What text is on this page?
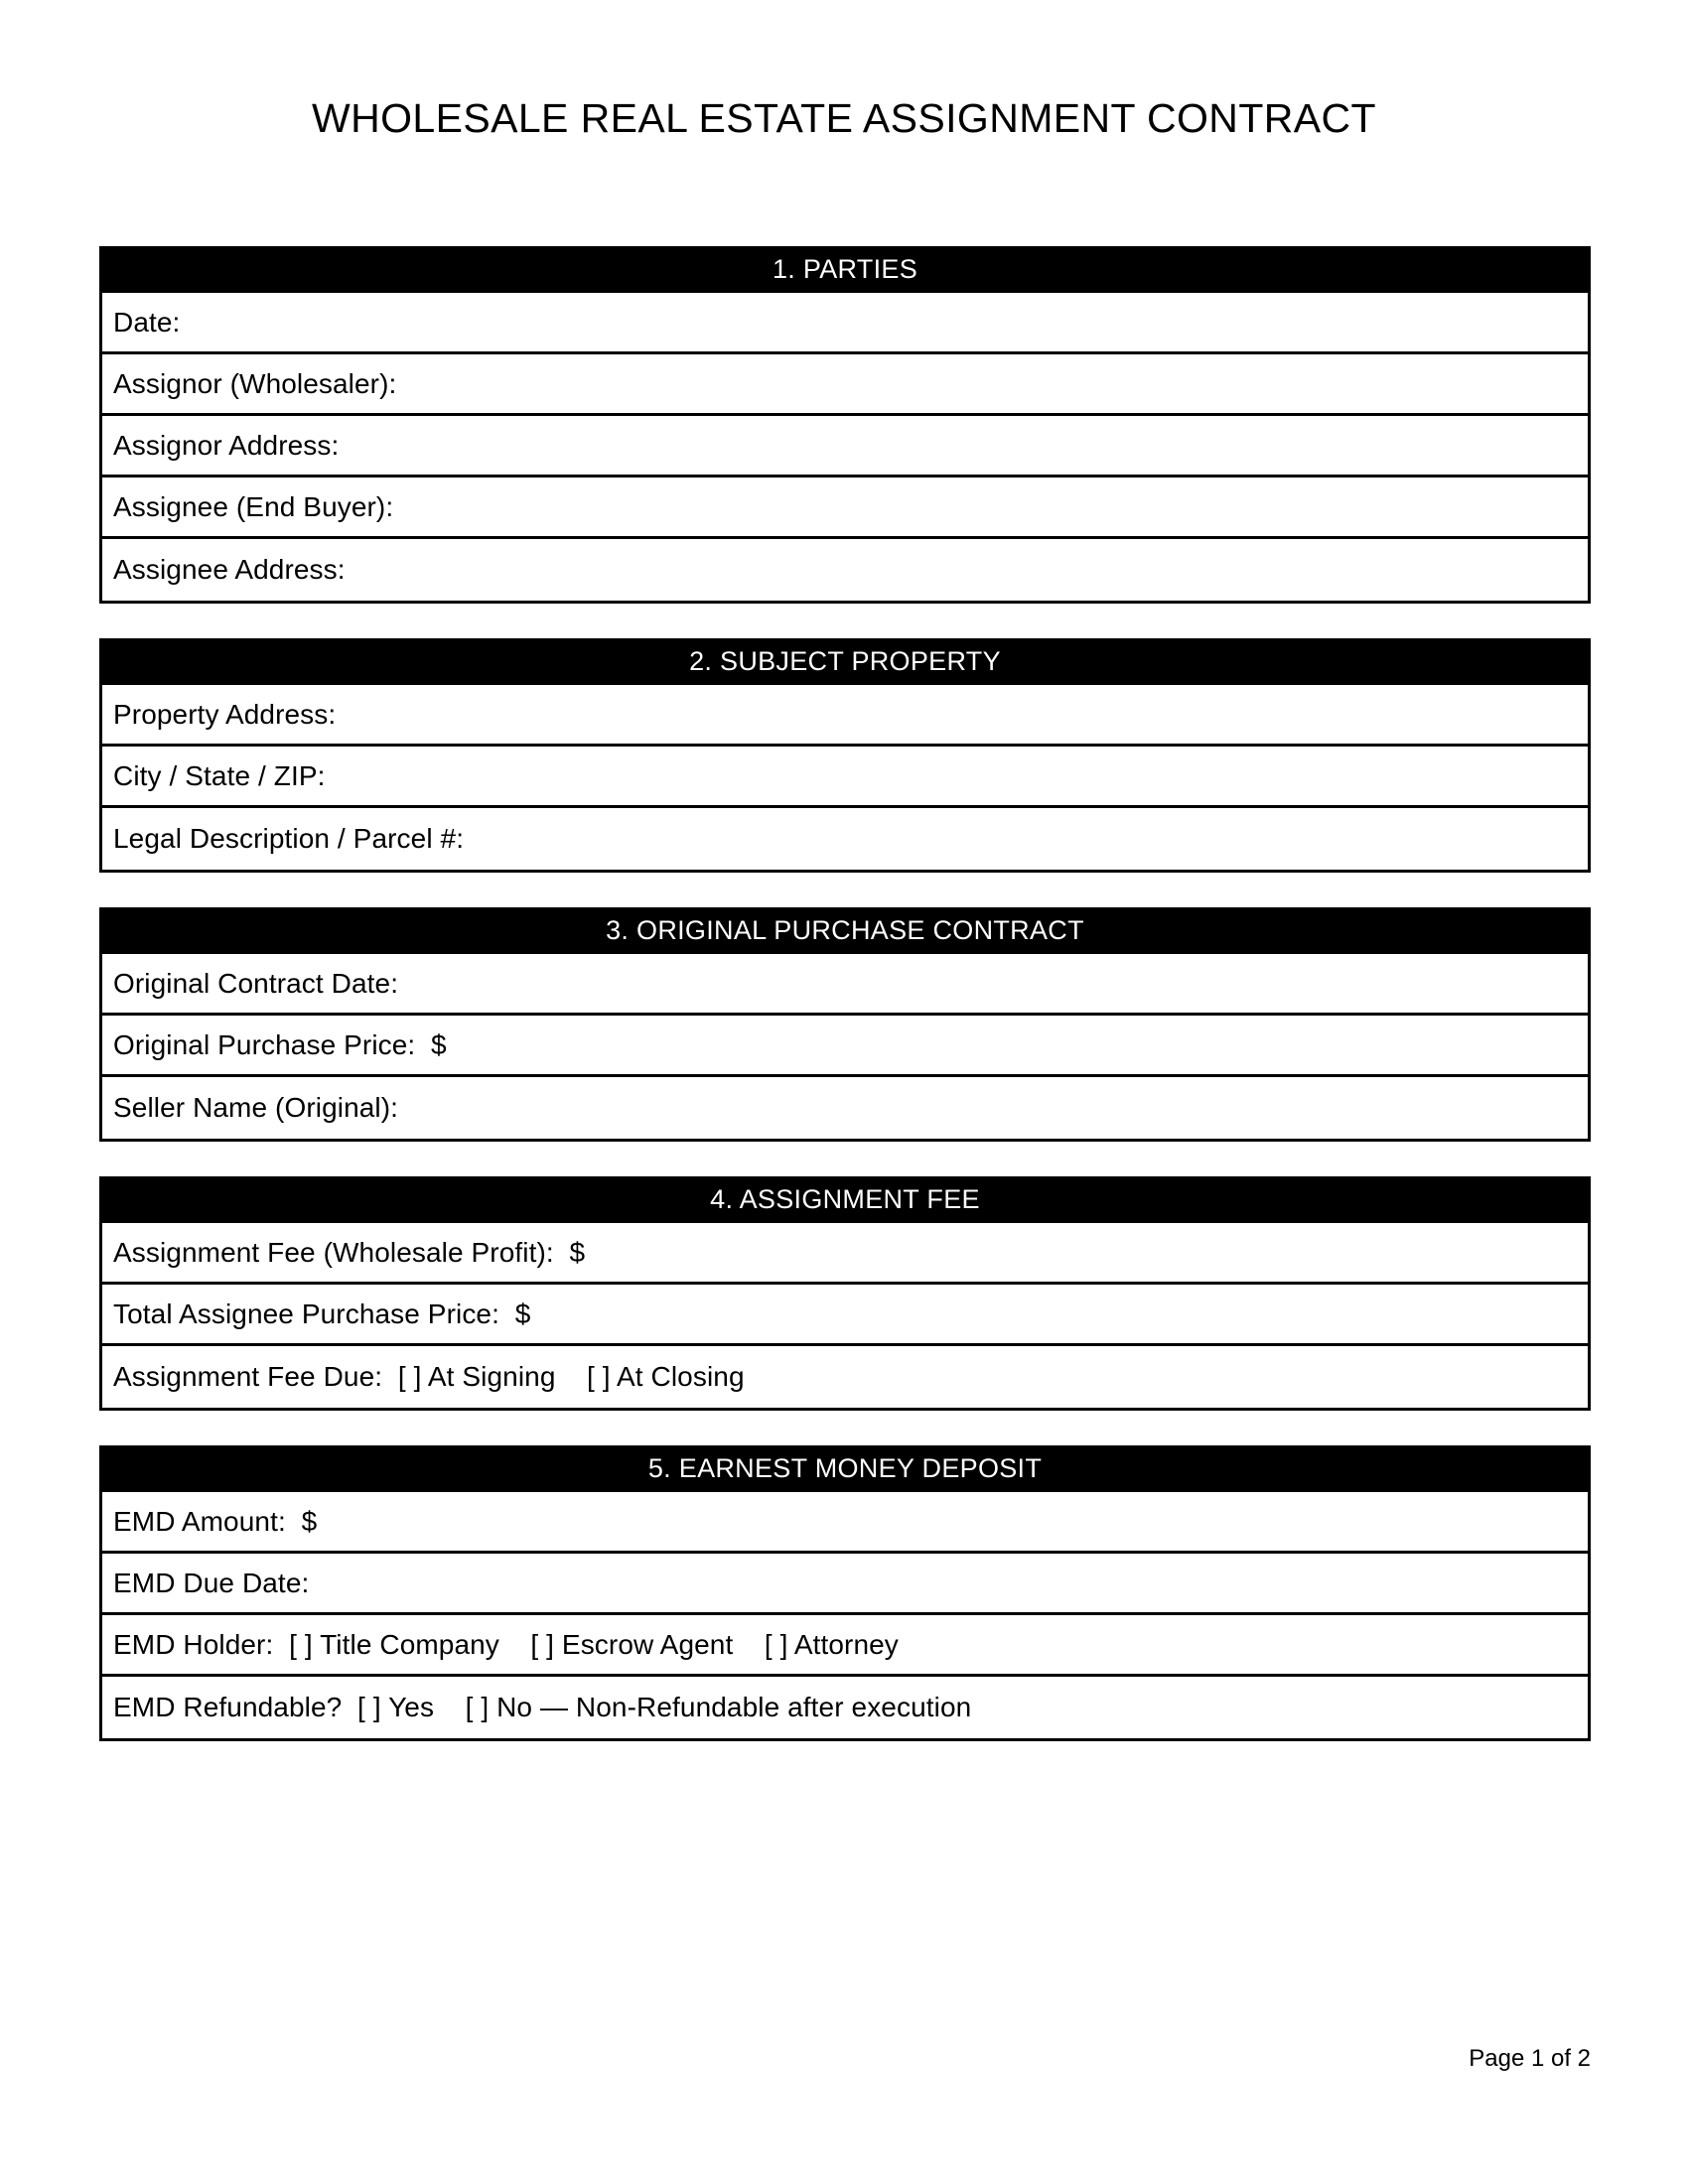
WHOLESALE REAL ESTATE ASSIGNMENT CONTRACT
1. PARTIES
Date:
Assignor (Wholesaler):
Assignor Address:
Assignee (End Buyer):
Assignee Address:
2. SUBJECT PROPERTY
Property Address:
City / State / ZIP:
Legal Description / Parcel #:
3. ORIGINAL PURCHASE CONTRACT
Original Contract Date:
Original Purchase Price:  $
Seller Name (Original):
4. ASSIGNMENT FEE
Assignment Fee (Wholesale Profit):  $
Total Assignee Purchase Price:  $
Assignment Fee Due:  [ ] At Signing    [ ] At Closing
5. EARNEST MONEY DEPOSIT
EMD Amount:  $
EMD Due Date:
EMD Holder:  [ ] Title Company    [ ] Escrow Agent    [ ] Attorney
EMD Refundable?  [ ] Yes    [ ] No — Non-Refundable after execution
Page 1 of 2
